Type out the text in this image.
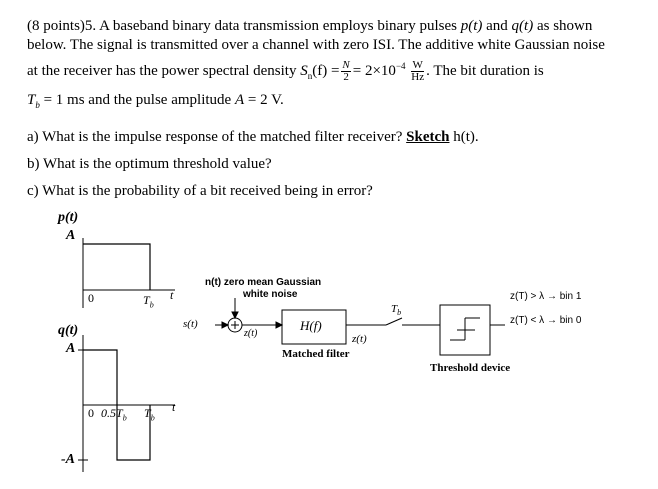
(8 points)5. A baseband binary data transmission employs binary pulses p(t) and q(t) as shown
below. The signal is transmitted over a channel with zero ISI. The additive white Gaussian noise
at the receiver has the power spectral density $S_n(f) = \frac{N}{2} = 2\times 10^{-4} \frac{W}{Hz}$ . The bit duration is
$T_b = 1$ ms and the pulse amplitude A = 2 V.
a) What is the impulse response of the matched filter receiver? Sketch h(t).
b) What is the optimum threshold value?
c) What is the probability of a bit received being in error?
p(t)
A
0	$T_b$
t
q(t)
A
-A
0 $0.5T_b$ $T_b$
t
n(t) zero mean Gaussian
white noise
s(t)
z(t)
H(f)
Matched filter
z(t)
$T_b$
Threshold device
z(T) > λ → bin 1
z(T) < λ → bin 0
